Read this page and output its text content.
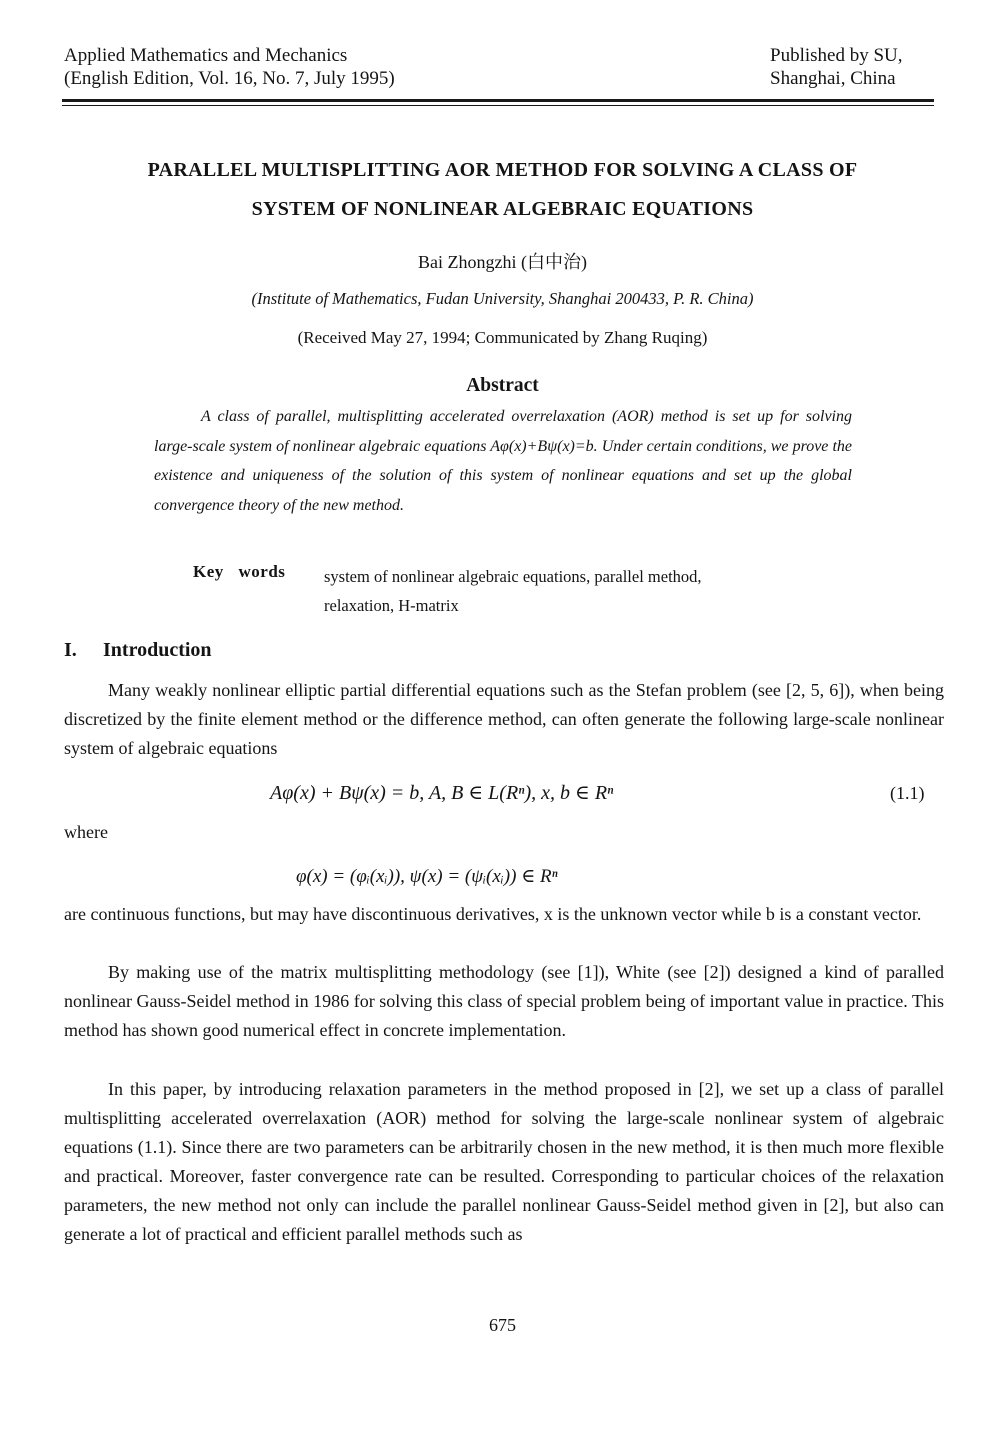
Applied Mathematics and Mechanics
(English Edition, Vol. 16, No. 7, July 1995)
Published by SU,
Shanghai, China
PARALLEL MULTISPLITTING AOR METHOD FOR SOLVING A CLASS OF
SYSTEM OF NONLINEAR ALGEBRAIC EQUATIONS
Bai Zhongzhi (白中治)
(Institute of Mathematics, Fudan University, Shanghai 200433, P. R. China)
(Received May 27, 1994; Communicated by Zhang Ruqing)
Abstract
A class of parallel, multisplitting accelerated overrelaxation (AOR) method is set up for solving large-scale system of nonlinear algebraic equations Aφ(x)+Bψ(x)=b. Under certain conditions, we prove the existence and uniqueness of the solution of this system of nonlinear equations and set up the global convergence theory of the new method.
Key words system of nonlinear algebraic equations, parallel method,
relaxation, H-matrix
I. Introduction

Many weakly nonlinear elliptic partial differential equations such as the Stefan problem (see [2, 5, 6]), when being discretized by the finite element method or the difference method, can often generate the following large-scale nonlinear system of algebraic equations

Aφ(x) + Bψ(x) = b, A, B ∈ L(Rⁿ), x, b ∈ Rⁿ	(1.1)
where
φ(x) = (φᵢ(xᵢ)), ψ(x) = (ψᵢ(xᵢ)) ∈ Rⁿ

are continuous functions, but may have discontinuous derivatives, x is the unknown vector while b is a constant vector.

By making use of the matrix multisplitting methodology (see [1]), White (see [2]) designed a kind of paralled nonlinear Gauss-Seidel method in 1986 for solving this class of special problem being of important value in practice. This method has shown good numerical effect in concrete implementation.

In this paper, by introducing relaxation parameters in the method proposed in [2], we set up a class of parallel multisplitting accelerated overrelaxation (AOR) method for solving the large-scale nonlinear system of algebraic equations (1.1). Since there are two parameters can be arbitrarily chosen in the new method, it is then much more flexible and practical. Moreover, faster convergence rate can be resulted. Corresponding to particular choices of the relaxation parameters, the new method not only can include the parallel nonlinear Gauss-Seidel method given in [2], but also can generate a lot of practical and efficient parallel methods such as

675
